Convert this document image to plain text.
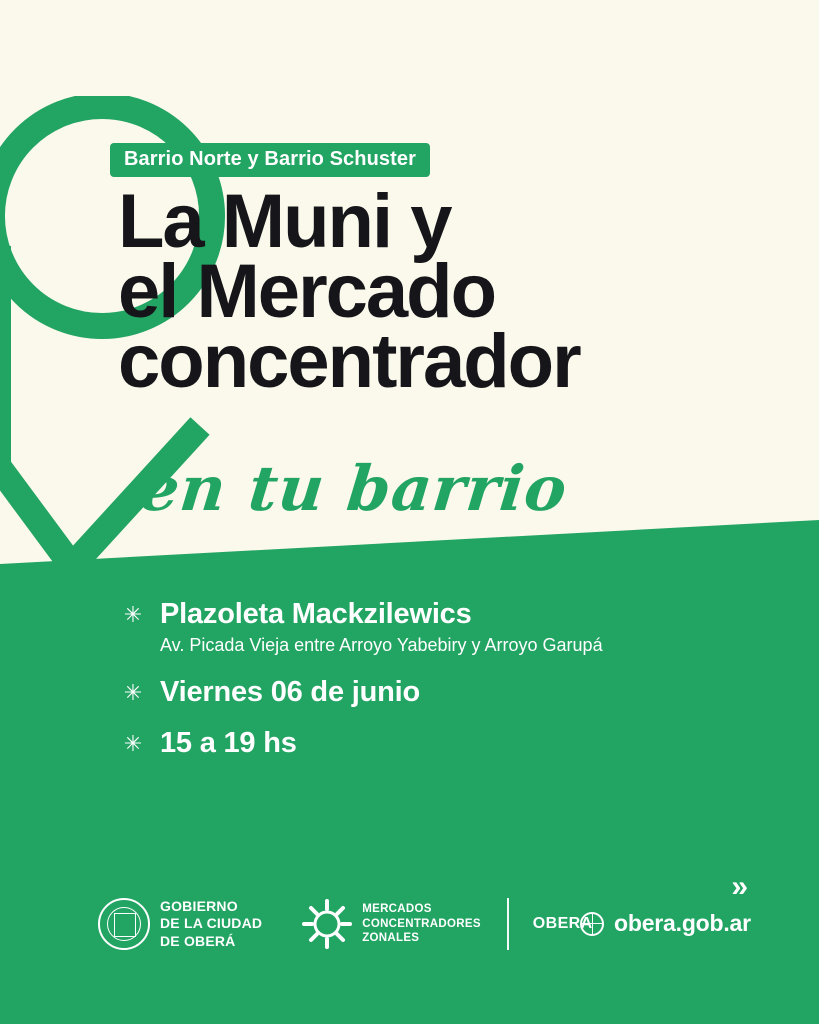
Barrio Norte y Barrio Schuster
La Muni y
el Mercado
concentrador
en tu barrio
✳ Plazoleta Mackzilewics
Av. Picada Vieja entre Arroyo Yabebiry y Arroyo Garupá
✳ Viernes 06 de junio
✳ 15 a 19 hs
»
GOBIERNO
DE LA CIUDAD
DE OBERÁ
MERCADOS
CONCENTRADORES
ZONALES
OBERA obera.gob.ar
